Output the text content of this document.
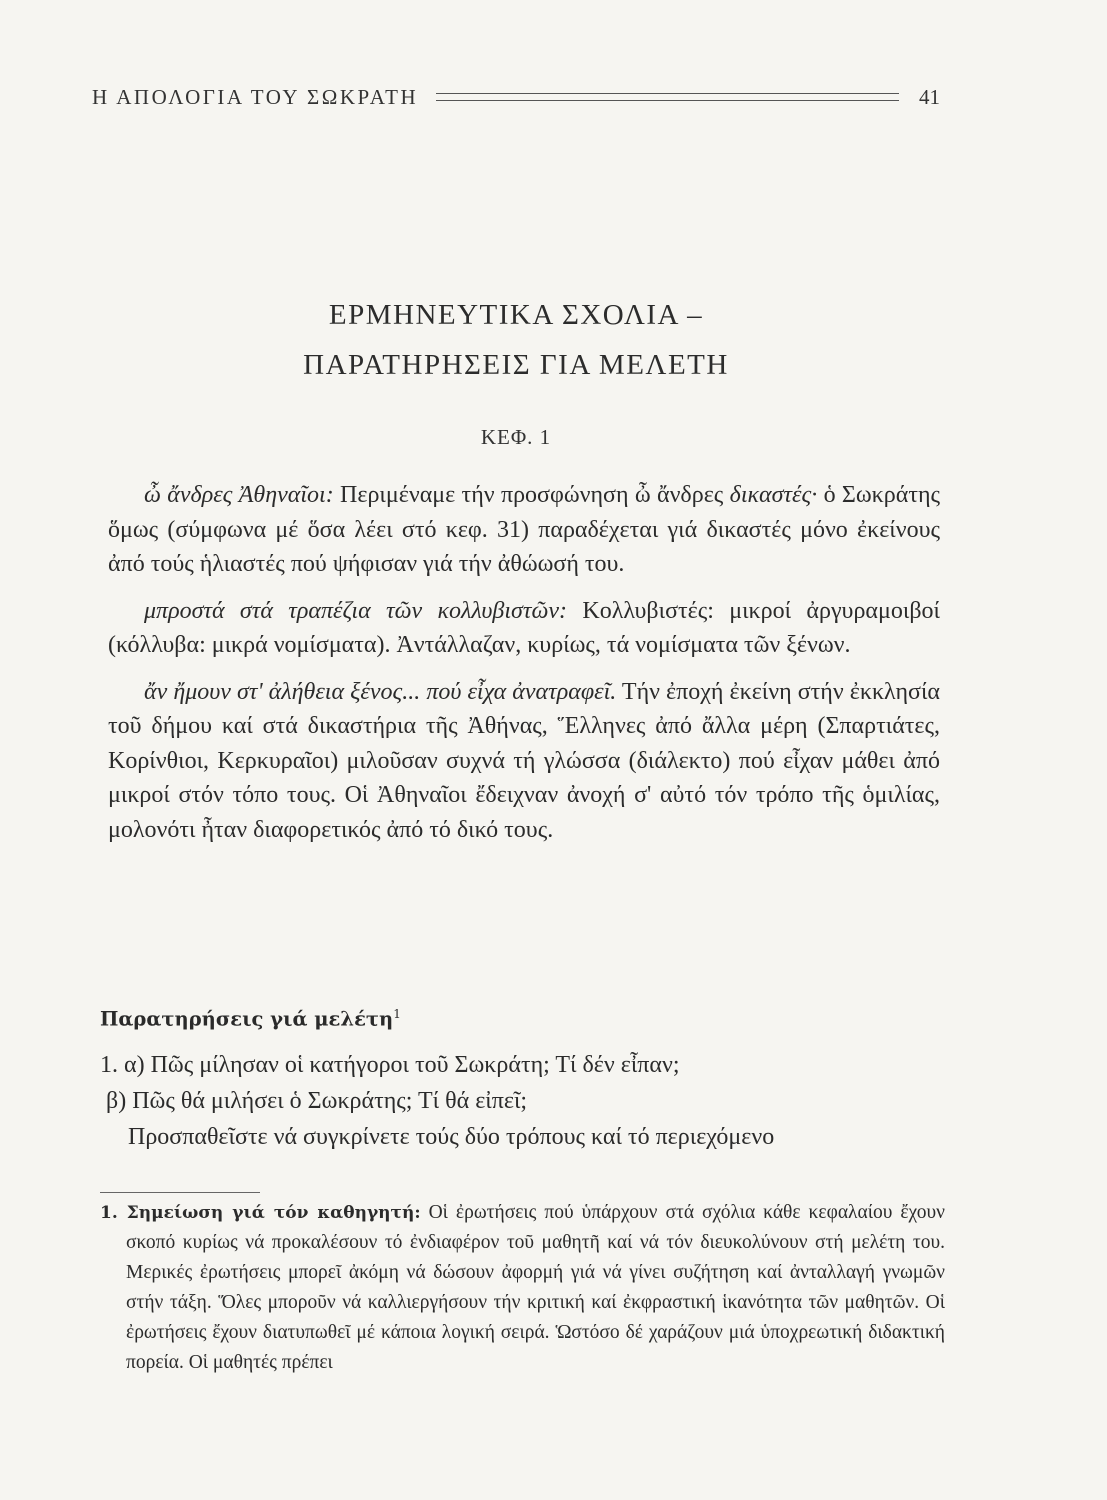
Η ΑΠΟΛΟΓΙΑ ΤΟΥ ΣΩΚΡΑΤΗ	41
ΕΡΜΗΝΕΥΤΙΚΑ ΣΧΟΛΙΑ –
ΠΑΡΑΤΗΡΗΣΕΙΣ ΓΙΑ ΜΕΛΕΤΗ
ΚΕΦ. 1

ὦ ἄνδρες Ἀθηναῖοι: Περιμέναμε τήν προσφώνηση ὦ ἄνδρες δικαστές· ὁ Σωκράτης ὅμως (σύμφωνα μέ ὅσα λέει στό κεφ. 31) παραδέχεται γιά δικαστές μόνο ἐκείνους ἀπό τούς ἡλιαστές πού ψήφισαν γιά τήν ἀθώωσή του.

μπροστά στά τραπέζια τῶν κολλυβιστῶν: Κολλυβιστές: μικροί ἀργυραμοιβοί (κόλλυβα: μικρά νομίσματα). Ἀντάλλαζαν, κυρίως, τά νομίσματα τῶν ξένων.

ἄν ἤμουν στ' ἀλήθεια ξένος... πού εἶχα ἀνατραφεῖ. Τήν ἐποχή ἐκείνη στήν ἐκκλησία τοῦ δήμου καί στά δικαστήρια τῆς Ἀθήνας, Ἕλληνες ἀπό ἄλλα μέρη (Σπαρτιάτες, Κορίνθιοι, Κερκυραῖοι) μιλοῦσαν συχνά τή γλώσσα (διάλεκτο) πού εἶχαν μάθει ἀπό μικροί στόν τόπο τους. Οἱ Ἀθηναῖοι ἔδειχναν ἀνοχή σ' αὐτό τόν τρόπο τῆς ὁμιλίας, μολονότι ἦταν διαφορετικός ἀπό τό δικό τους.

Παρατηρήσεις γιά μελέτη$^1$
1. α) Πῶς μίλησαν οἱ κατήγοροι τοῦ Σωκράτη; Τί δέν εἶπαν;
β) Πῶς θά μιλήσει ὁ Σωκράτης; Τί θά εἰπεῖ;
Προσπαθεῖστε νά συγκρίνετε τούς δύο τρόπους καί τό περιεχόμενο
1. Σημείωση γιά τόν καθηγητή: Οἱ ἐρωτήσεις πού ὑπάρχουν στά σχόλια κάθε κεφαλαίου ἔχουν σκοπό κυρίως νά προκαλέσουν τό ἐνδιαφέρον τοῦ μαθητῆ καί νά τόν διευκολύνουν στή μελέτη του. Μερικές ἐρωτήσεις μπορεῖ ἀκόμη νά δώσουν ἀφορμή γιά νά γίνει συζήτηση καί ἀνταλλαγή γνωμῶν στήν τάξη. Ὅλες μποροῦν νά καλλιεργήσουν τήν κριτική καί ἐκφραστική ἱκανότητα τῶν μαθητῶν. Οἱ ἐρωτήσεις ἔχουν διατυπωθεῖ μέ κάποια λογική σειρά. Ὡστόσο δέ χαράζουν μιά ὑποχρεωτική διδακτική πορεία. Οἱ μαθητές πρέπει
